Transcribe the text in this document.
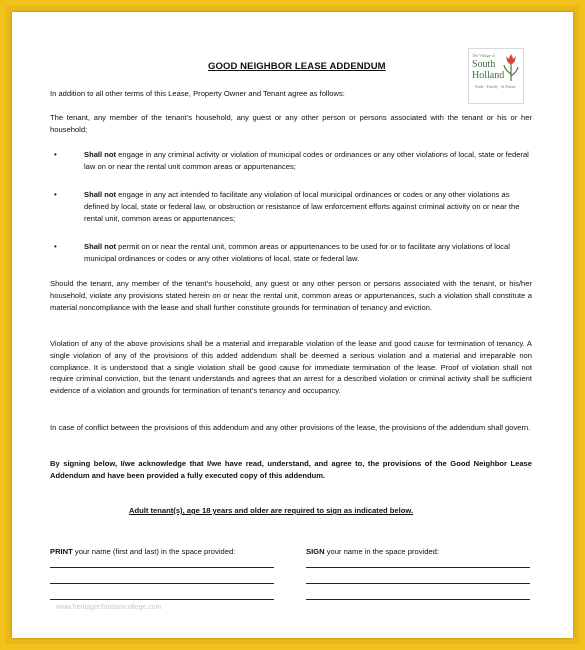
GOOD NEIGHBOR LEASE ADDENDUM
The Village of
South
Holland
Faith · Family · & Future

In addition to all other terms of this Lease, Property Owner and Tenant agree as follows:

The tenant, any member of the tenant’s household, any guest or any other person or persons associated with the tenant or his or her household;

•	Shall not engage in any criminal activity or violation of municipal codes or ordinances or any other violations of local, state or federal law on or near the rental unit common areas or appurtenances;

•	Shall not engage in any act intended to facilitate any violation of local municipal ordinances or codes or any other violations as defined by local, state or federal law, or obstruction or resistance of law enforcement efforts against criminal activity on or near the rental unit, common areas or appurtenances;

•	Shall not permit on or near the rental unit, common areas or appurtenances to be used for or to facilitate any violations of local municipal ordinances or codes or any other violations of local, state or federal law.

Should the tenant, any member of the tenant’s household, any guest or any other person or persons associated with the tenant, or his/her household, violate any provisions stated herein on or near the rental unit, common areas or appurtenances, such a violation shall constitute a material noncompliance with the lease and shall further constitute grounds for termination of tenancy and eviction.

Violation of any of the above provisions shall be a material and irreparable violation of the lease and good cause for termination of tenancy. A single violation of any of the provisions of this added addendum shall be deemed a serious violation and a material and irreparable non compliance. It is understood that a single violation shall be good cause for immediate termination of the lease. Proof of violation shall not require criminal conviction, but the tenant understands and agrees that an arrest for a described violation or criminal activity shall be sufficient evidence of a violation and grounds for termination of tenant’s tenancy and occupancy.

In case of conflict between the provisions of this addendum and any other provisions of the lease, the provisions of the addendum shall govern.

By signing below, I/we acknowledge that I/we have read, understand, and agree to, the provisions of the Good Neighbor Lease Addendum and have been provided a fully executed copy of this addendum.

Adult tenant(s), age 18 years and older are required to sign as indicated below.
PRINT your name (first and last) in the space provided:	SIGN your name in the space provided:
www.heritagechristiancollege.com
